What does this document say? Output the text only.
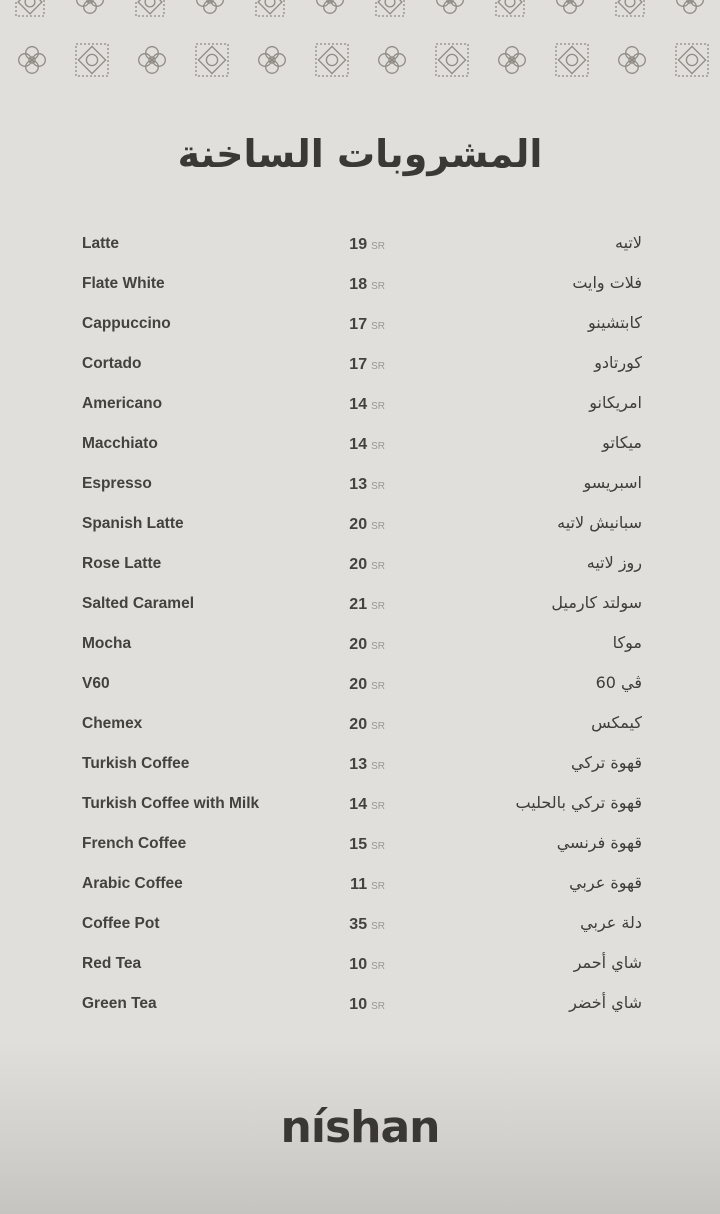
المشروبات الساخنة
Latte	19 SR	لاتيه
Flate White	18 SR	فلات وايت
Cappuccino	17 SR	كابتشينو
Cortado	17 SR	كورتادو
Americano	14 SR	امريكانو
Macchiato	14 SR	ميكاتو
Espresso	13 SR	اسبريسو
Spanish Latte	20 SR	سبانيش لاتيه
Rose Latte	20 SR	روز لاتيه
Salted Caramel	21 SR	سولتد كارميل
Mocha	20 SR	موكا
V60	20 SR	ڤي 60
Chemex	20 SR	كيمكس
Turkish Coffee	13 SR	قهوة تركي
Turkish Coffee with Milk	14 SR	قهوة تركي بالحليب
French Coffee	15 SR	قهوة فرنسي
Arabic Coffee	11 SR	قهوة عربي
Coffee Pot	35 SR	دلة عربي
Red Tea	10 SR	شاي أحمر
Green Tea	10 SR	شاي أخضر
níshan
